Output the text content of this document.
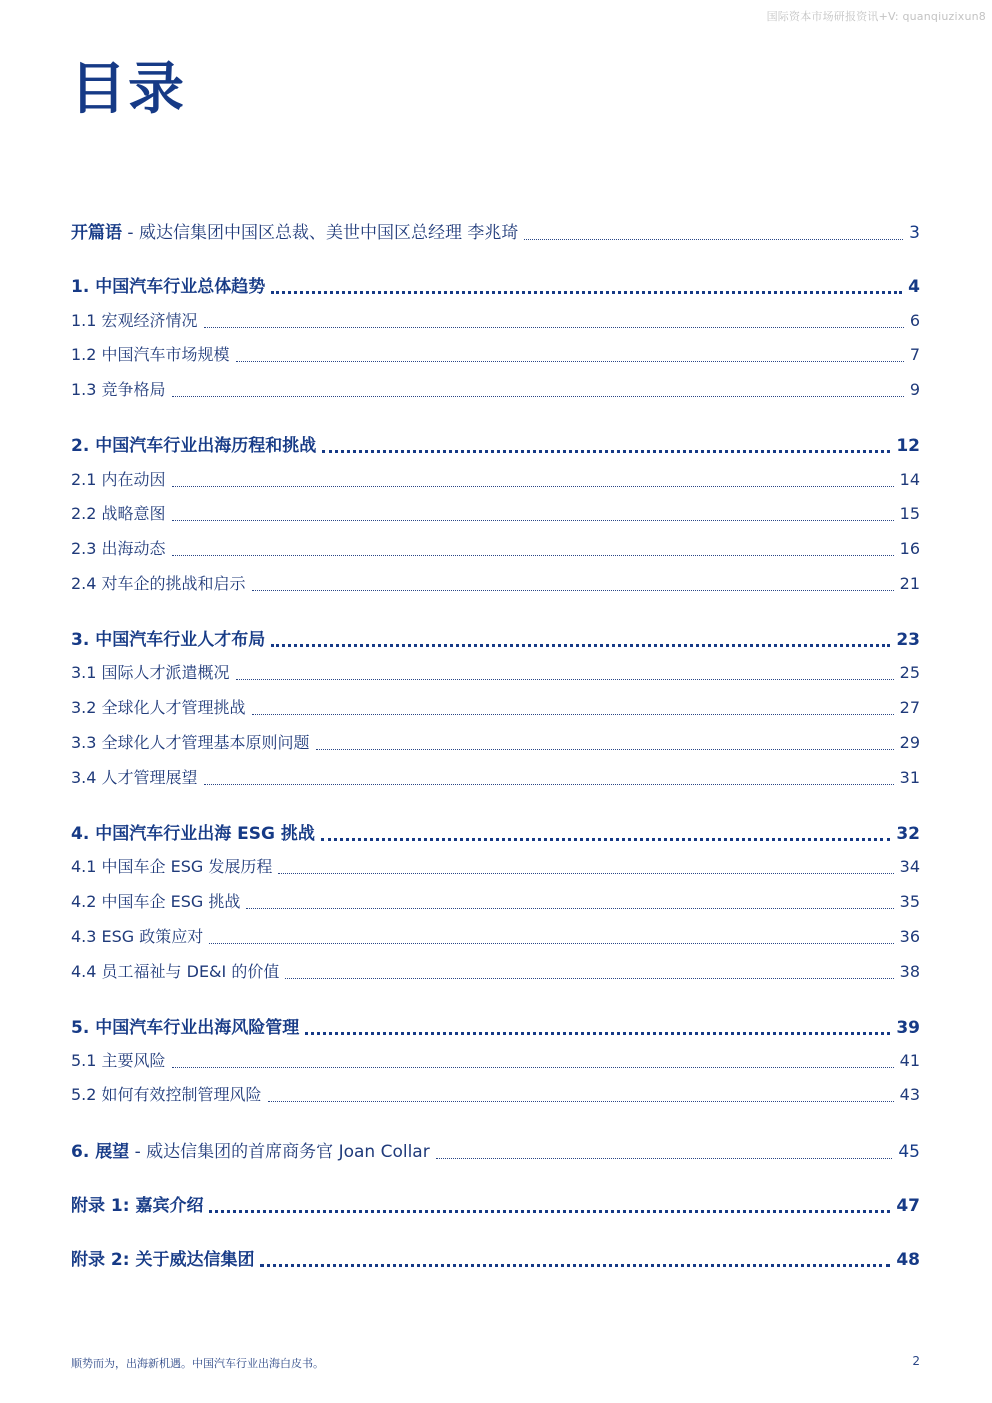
国际资本市场研报资讯+V: quanqiuzixun8
目录
开篇语 - 威达信集团中国区总裁、美世中国区总经理 李兆琦	3
1. 中国汽车行业总体趋势	4
1.1 宏观经济情况	6
1.2 中国汽车市场规模	7
1.3 竞争格局	9
2. 中国汽车行业出海历程和挑战	12
2.1 内在动因	14
2.2 战略意图	15
2.3 出海动态	16
2.4 对车企的挑战和启示	21
3. 中国汽车行业人才布局	23
3.1 国际人才派遣概况	25
3.2 全球化人才管理挑战	27
3.3 全球化人才管理基本原则问题	29
3.4 人才管理展望	31
4. 中国汽车行业出海 ESG 挑战	32
4.1 中国车企 ESG 发展历程	34
4.2 中国车企 ESG 挑战	35
4.3 ESG 政策应对	36
4.4 员工福祉与 DE&I 的价值	38
5. 中国汽车行业出海风险管理	39
5.1 主要风险	41
5.2 如何有效控制管理风险	43
6. 展望 - 威达信集团的首席商务官 Joan Collar	45
附录 1: 嘉宾介绍	47
附录 2: 关于威达信集团	48
顺势而为，出海新机遇。中国汽车行业出海白皮书。	2
